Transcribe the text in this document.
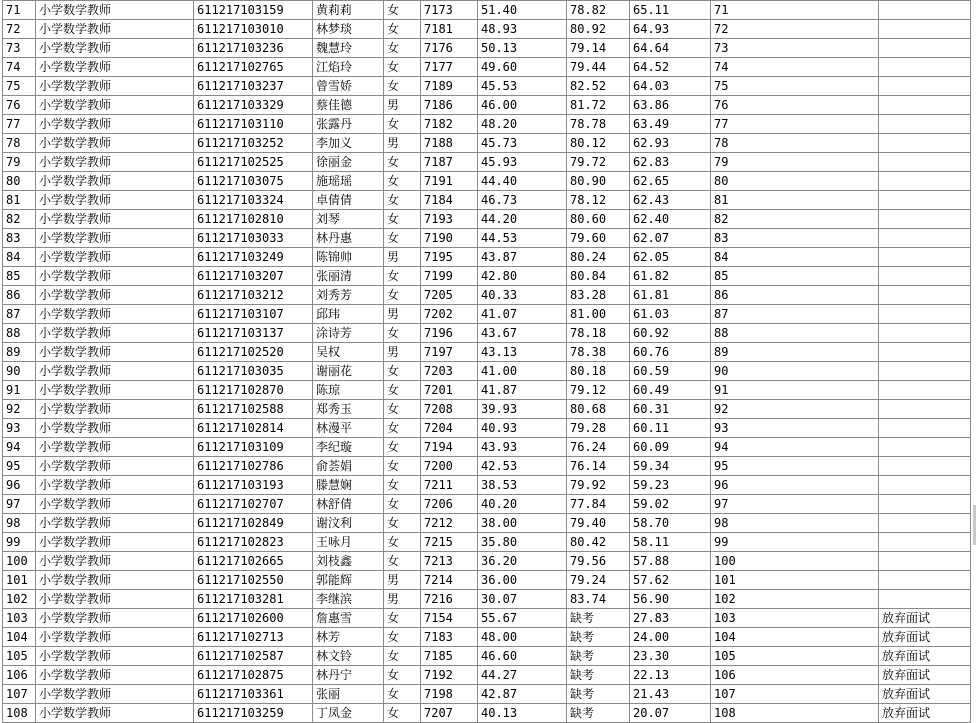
71	小学数学教师	611217103159	黄莉莉	女	7173	51.40	78.82	65.11	71	
72	小学数学教师	611217103010	林梦琰	女	7181	48.93	80.92	64.93	72	
73	小学数学教师	611217103236	魏慧玲	女	7176	50.13	79.14	64.64	73	
74	小学数学教师	611217102765	江焰玲	女	7177	49.60	79.44	64.52	74	
75	小学数学教师	611217103237	曾雪娇	女	7189	45.53	82.52	64.03	75	
76	小学数学教师	611217103329	蔡佳德	男	7186	46.00	81.72	63.86	76	
77	小学数学教师	611217103110	张露丹	女	7182	48.20	78.78	63.49	77	
78	小学数学教师	611217103252	李加义	男	7188	45.73	80.12	62.93	78	
79	小学数学教师	611217102525	徐丽金	女	7187	45.93	79.72	62.83	79	
80	小学数学教师	611217103075	施瑶瑶	女	7191	44.40	80.90	62.65	80	
81	小学数学教师	611217103324	卓倩倩	女	7184	46.73	78.12	62.43	81	
82	小学数学教师	611217102810	刘琴	女	7193	44.20	80.60	62.40	82	
83	小学数学教师	611217103033	林丹惠	女	7190	44.53	79.60	62.07	83	
84	小学数学教师	611217103249	陈锦帅	男	7195	43.87	80.24	62.05	84	
85	小学数学教师	611217103207	张丽清	女	7199	42.80	80.84	61.82	85	
86	小学数学教师	611217103212	刘秀芳	女	7205	40.33	83.28	61.81	86	
87	小学数学教师	611217103107	邱玮	男	7202	41.07	81.00	61.03	87	
88	小学数学教师	611217103137	涂诗芳	女	7196	43.67	78.18	60.92	88	
89	小学数学教师	611217102520	吴权	男	7197	43.13	78.38	60.76	89	
90	小学数学教师	611217103035	谢丽花	女	7203	41.00	80.18	60.59	90	
91	小学数学教师	611217102870	陈琼	女	7201	41.87	79.12	60.49	91	
92	小学数学教师	611217102588	郑秀玉	女	7208	39.93	80.68	60.31	92	
93	小学数学教师	611217102814	林漫平	女	7204	40.93	79.28	60.11	93	
94	小学数学教师	611217103109	李纪璇	女	7194	43.93	76.24	60.09	94	
95	小学数学教师	611217102786	俞荟娟	女	7200	42.53	76.14	59.34	95	
96	小学数学教师	611217103193	滕慧娴	女	7211	38.53	79.92	59.23	96	
97	小学数学教师	611217102707	林舒倩	女	7206	40.20	77.84	59.02	97	
98	小学数学教师	611217102849	谢汶利	女	7212	38.00	79.40	58.70	98	
99	小学数学教师	611217102823	王咏月	女	7215	35.80	80.42	58.11	99	
100	小学数学教师	611217102665	刘枝鑫	女	7213	36.20	79.56	57.88	100	
101	小学数学教师	611217102550	郭能辉	男	7214	36.00	79.24	57.62	101	
102	小学数学教师	611217103281	李继滨	男	7216	30.07	83.74	56.90	102	
103	小学数学教师	611217102600	詹惠雪	女	7154	55.67	缺考	27.83	103	放弃面试
104	小学数学教师	611217102713	林芳	女	7183	48.00	缺考	24.00	104	放弃面试
105	小学数学教师	611217102587	林文铃	女	7185	46.60	缺考	23.30	105	放弃面试
106	小学数学教师	611217102875	林丹宁	女	7192	44.27	缺考	22.13	106	放弃面试
107	小学数学教师	611217103361	张丽	女	7198	42.87	缺考	21.43	107	放弃面试
108	小学数学教师	611217103259	丁凤金	女	7207	40.13	缺考	20.07	108	放弃面试
